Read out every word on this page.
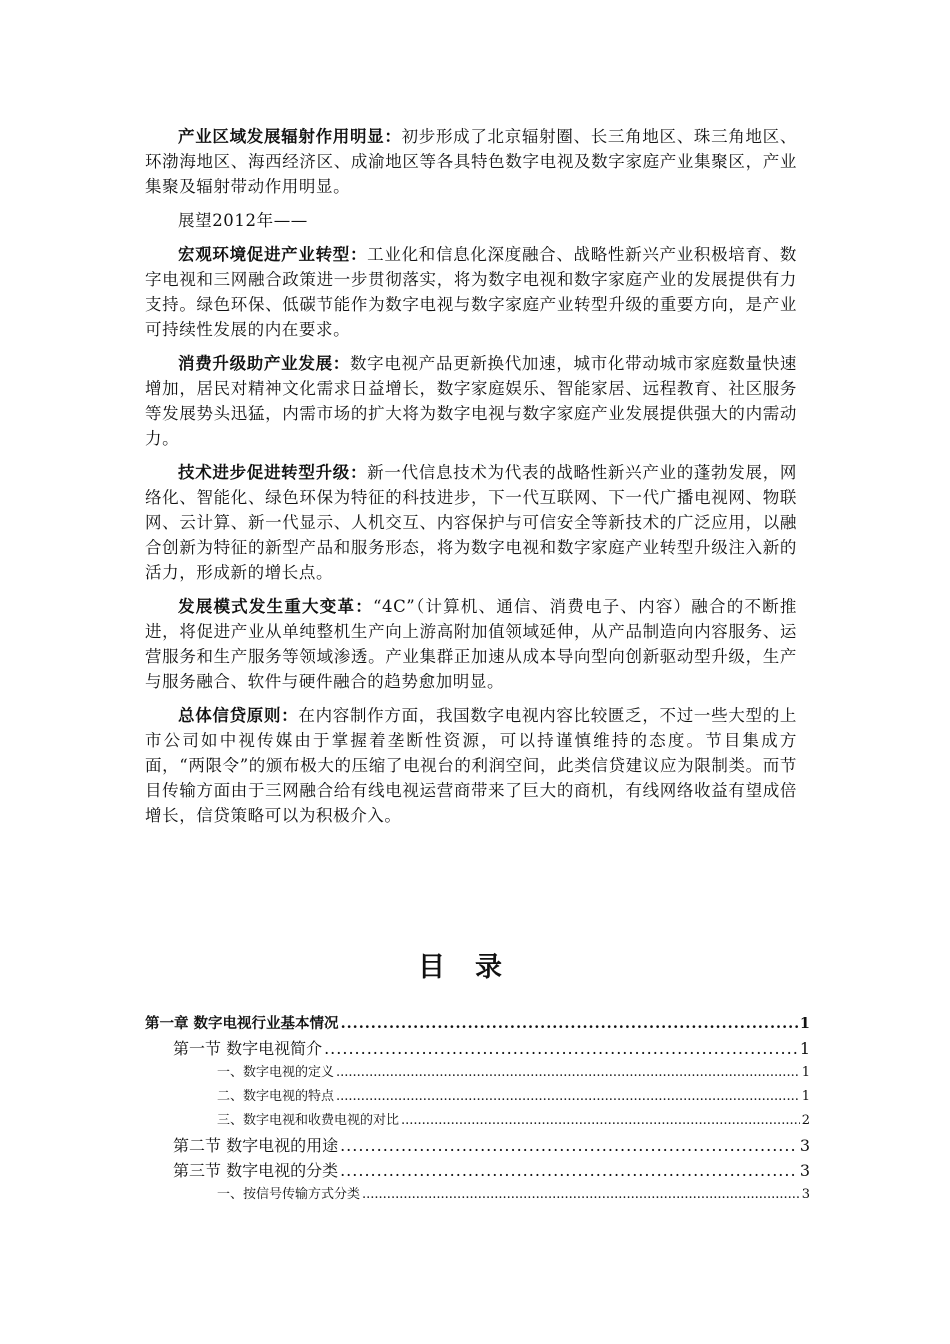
产业区域发展辐射作用明显：初步形成了北京辐射圈、长三角地区、珠三角地区、环渤海地区、海西经济区、成渝地区等各具特色数字电视及数字家庭产业集聚区，产业集聚及辐射带动作用明显。

展望2012年——

宏观环境促进产业转型：工业化和信息化深度融合、战略性新兴产业积极培育、数字电视和三网融合政策进一步贯彻落实，将为数字电视和数字家庭产业的发展提供有力支持。绿色环保、低碳节能作为数字电视与数字家庭产业转型升级的重要方向，是产业可持续性发展的内在要求。

消费升级助产业发展：数字电视产品更新换代加速，城市化带动城市家庭数量快速增加，居民对精神文化需求日益增长，数字家庭娱乐、智能家居、远程教育、社区服务等发展势头迅猛，内需市场的扩大将为数字电视与数字家庭产业发展提供强大的内需动力。

技术进步促进转型升级：新一代信息技术为代表的战略性新兴产业的蓬勃发展，网络化、智能化、绿色环保为特征的科技进步，下一代互联网、下一代广播电视网、物联网、云计算、新一代显示、人机交互、内容保护与可信安全等新技术的广泛应用，以融合创新为特征的新型产品和服务形态，将为数字电视和数字家庭产业转型升级注入新的活力，形成新的增长点。

发展模式发生重大变革：“4C”（计算机、通信、消费电子、内容）融合的不断推进，将促进产业从单纯整机生产向上游高附加值领域延伸，从产品制造向内容服务、运营服务和生产服务等领域渗透。产业集群正加速从成本导向型向创新驱动型升级，生产与服务融合、软件与硬件融合的趋势愈加明显。

总体信贷原则：在内容制作方面，我国数字电视内容比较匮乏，不过一些大型的上市公司如中视传媒由于掌握着垄断性资源，可以持谨慎维持的态度。节目集成方面，“两限令”的颁布极大的压缩了电视台的利润空间，此类信贷建议应为限制类。而节目传输方面由于三网融合给有线电视运营商带来了巨大的商机，有线网络收益有望成倍增长，信贷策略可以为积极介入。

目录
第一章 数字电视行业基本情况 .....	1
第一节 数字电视简介 .....	1
一、数字电视的定义 .....	1
二、数字电视的特点 .....	1
三、数字电视和收费电视的对比 .....	2
第二节 数字电视的用途 .....	3
第三节 数字电视的分类 .....	3
一、按信号传输方式分类 .....	3
